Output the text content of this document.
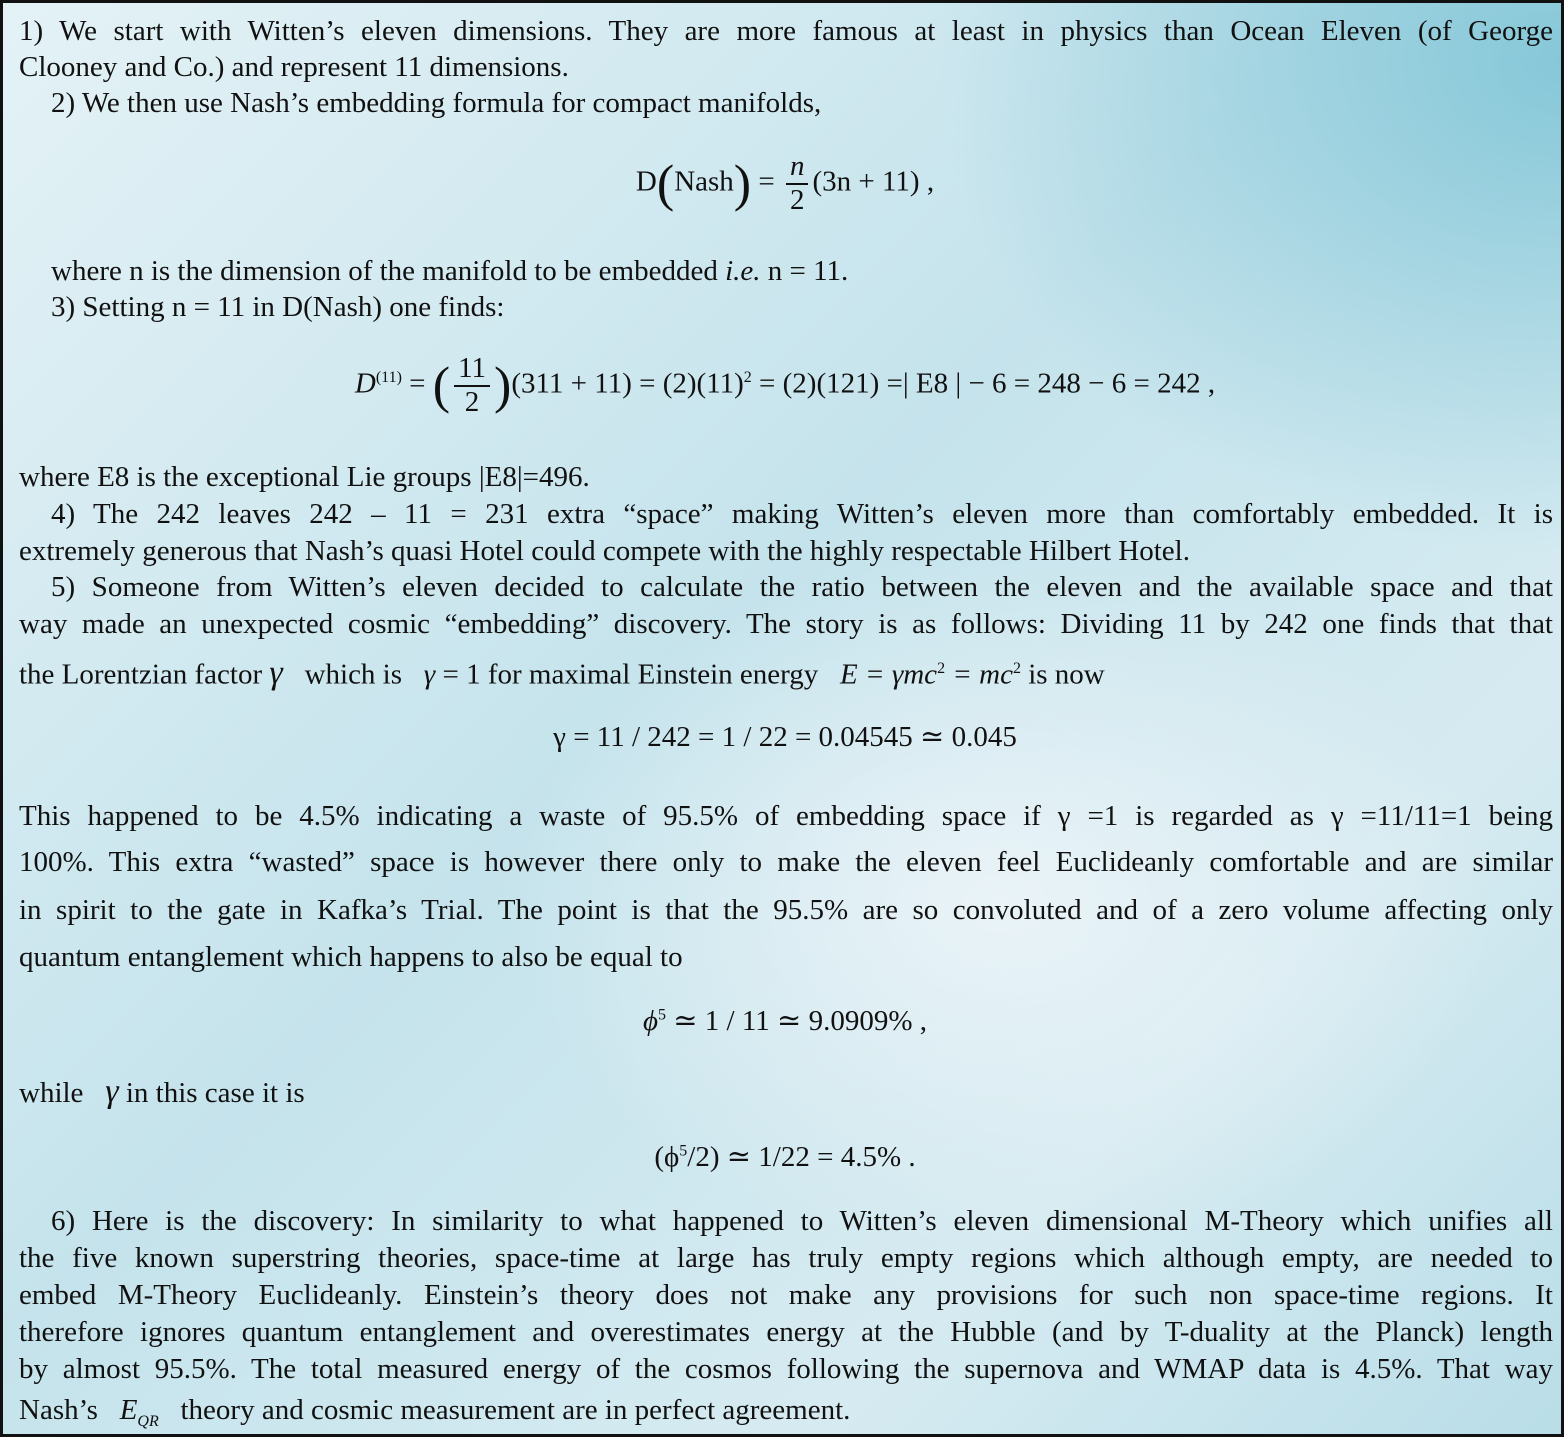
1) We start with Witten’s eleven dimensions. They are more famous at least in physics than Ocean Eleven (of George
Clooney and Co.) and represent 11 dimensions.
2) We then use Nash’s embedding formula for compact manifolds,
D(Nash) = $\frac{n}{2} (3n + 11)$ ,
where n is the dimension of the manifold to be embedded i.e. n = 11.
3) Setting n = 11 in D(Nash) one finds:
$D^{(11)}$ = ( $\frac{11}{2} )(311 + 11) = (2)(11)^2 = (2)(121)$ =| E8 | − 6 = 248 − 6 = 242 ,
where E8 is the exceptional Lie groups |E8|=496.
4) The 242 leaves 242 – 11 = 231 extra “space” making Witten’s eleven more than comfortably embedded. It is
extremely generous that Nash’s quasi Hotel could compete with the highly respectable Hilbert Hotel.
5) Someone from Witten’s eleven decided to calculate the ratio between the eleven and the available space and that
way made an unexpected cosmic “embedding” discovery. The story is as follows: Dividing 11 by 242 one finds that that
the Lorentzian factor γ which is γ = 1 for maximal Einstein energy $E = \gamma mc^2 = mc^2$ is now
γ = 11 / 242 = 1 / 22 = 0.04545 ≃ 0.045
This happened to be 4.5% indicating a waste of 95.5% of embedding space if γ =1 is regarded as γ =11/11=1 being
100%. This extra “wasted” space is however there only to make the eleven feel Euclideanly comfortable and are similar
in spirit to the gate in Kafka’s Trial. The point is that the 95.5% are so convoluted and of a zero volume affecting only
quantum entanglement which happens to also be equal to
$\phi^5$ ≃ 1 / 11 ≃ 9.0909% ,
while γ in this case it is
$(\phi^5/2)$ ≃ 1/22 = 4.5% .
6) Here is the discovery: In similarity to what happened to Witten’s eleven dimensional M-Theory which unifies all
the five known superstring theories, space-time at large has truly empty regions which although empty, are needed to
embed M-Theory Euclideanly. Einstein’s theory does not make any provisions for such non space-time regions. It
therefore ignores quantum entanglement and overestimates energy at the Hubble (and by T-duality at the Planck) length
by almost 95.5%. The total measured energy of the cosmos following the supernova and WMAP data is 4.5%. That way
Nash’s $E_{QR}$ theory and cosmic measurement are in perfect agreement.
